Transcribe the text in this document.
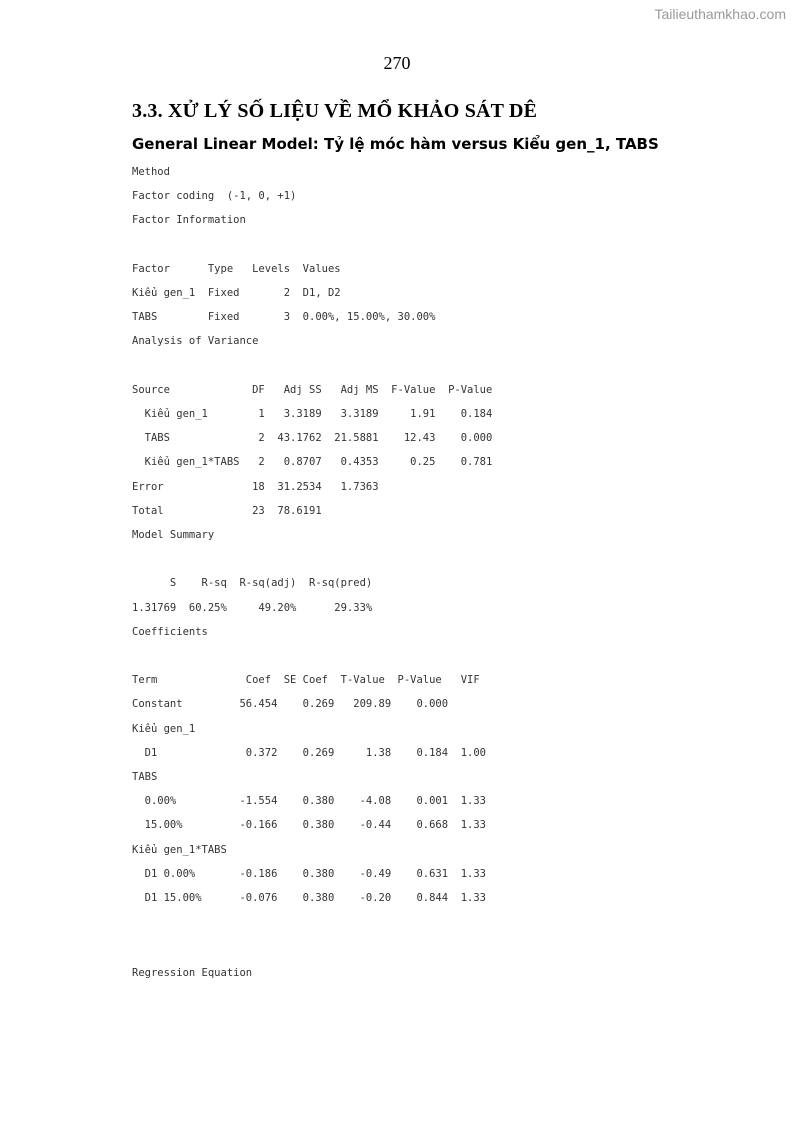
Tailieuthamkhao.com
270
3.3. XỬ LÝ SỐ LIỆU VỀ MỔ KHẢO SÁT DÊ
General Linear Model: Tỷ lệ móc hàm versus Kiểu gen_1, TABS
Method
Factor coding  (-1, 0, +1)
Factor Information

Factor      Type   Levels  Values
Kiểu gen_1  Fixed       2  D1, D2
TABS        Fixed       3  0.00%, 15.00%, 30.00%
Analysis of Variance

Source             DF   Adj SS   Adj MS  F-Value  P-Value
Kiểu gen_1        1   3.3189   3.3189     1.91    0.184
TABS              2  43.1762  21.5881    12.43    0.000
Kiểu gen_1*TABS   2   0.8707   0.4353     0.25    0.781
Error              18  31.2534   1.7363
Total              23  78.6191
Model Summary

S    R-sq  R-sq(adj)  R-sq(pred)
1.31769  60.25%     49.20%      29.33%
Coefficients

Term              Coef  SE Coef  T-Value  P-Value   VIF
Constant         56.454    0.269   209.89    0.000
Kiểu gen_1
D1              0.372    0.269     1.38    0.184  1.00
TABS
0.00%          -1.554    0.380    -4.08    0.001  1.33
15.00%         -0.166    0.380    -0.44    0.668  1.33
Kiểu gen_1*TABS
D1 0.00%       -0.186    0.380    -0.49    0.631  1.33
D1 15.00%      -0.076    0.380    -0.20    0.844  1.33
Regression Equation
